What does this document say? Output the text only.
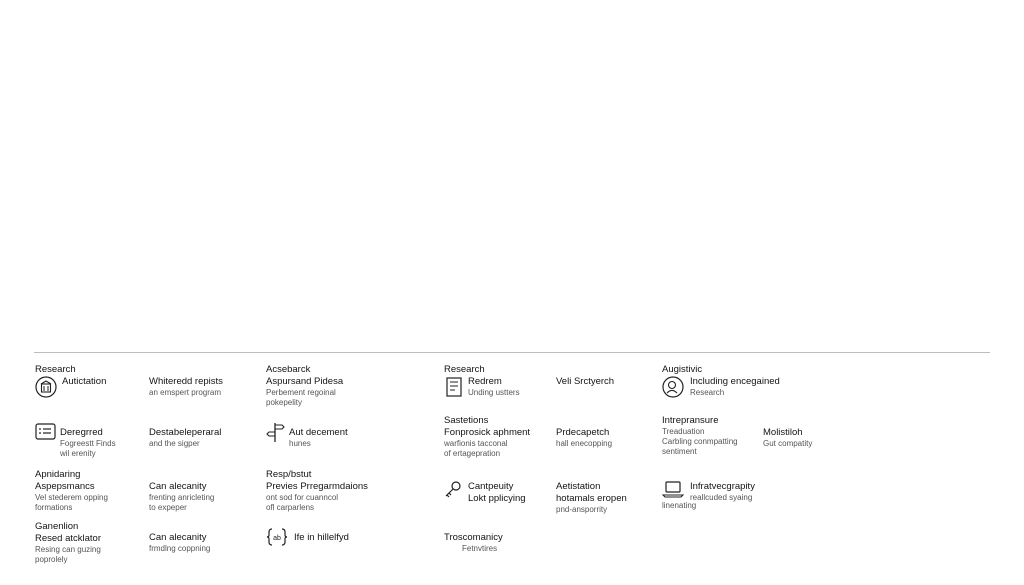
Research
Autictation	Whiteredd repists
an emspert program
Acsebarck
Aspursand Pidesa
Perbement regoinal
pokepelity
Research
Redrem
Unding ustters
Veli Srctyerch
Augistivic
Including encegained
Research
Deregrred
Fogreestt Finds
wil erenity
Destabeleperaral
and the sigper
Aut decement
hunes
Sastetions
Fonprosick aphment
warfionis tacconal
of ertagepration
Prdecapetch
hall enecopping
Intrepransure
Treaduation
Carbling conmpatting
sentiment
Molistiloh
Gut compatity
Apnidaring
Aspepsmancs
Vel stederem opping
formations
Can alecanity
frenting anricleting
to expeper
Resp/bstut
Previes Prregarmdaions
ont sod for cuanncol
ofl carparlens
Cantpeuity
Lokt pplicying
Aetistation
hotamals eropen
pnd-ansporrity
Infratvecgrapity
reallcuded syaing
linenating
Ganenlion
Resed atcklator
Resing can guzing
poprolely
Can alecanity
frmdlng coppning
ab Ife in hillelfyd	Troscomanicy
Fetnvtires
